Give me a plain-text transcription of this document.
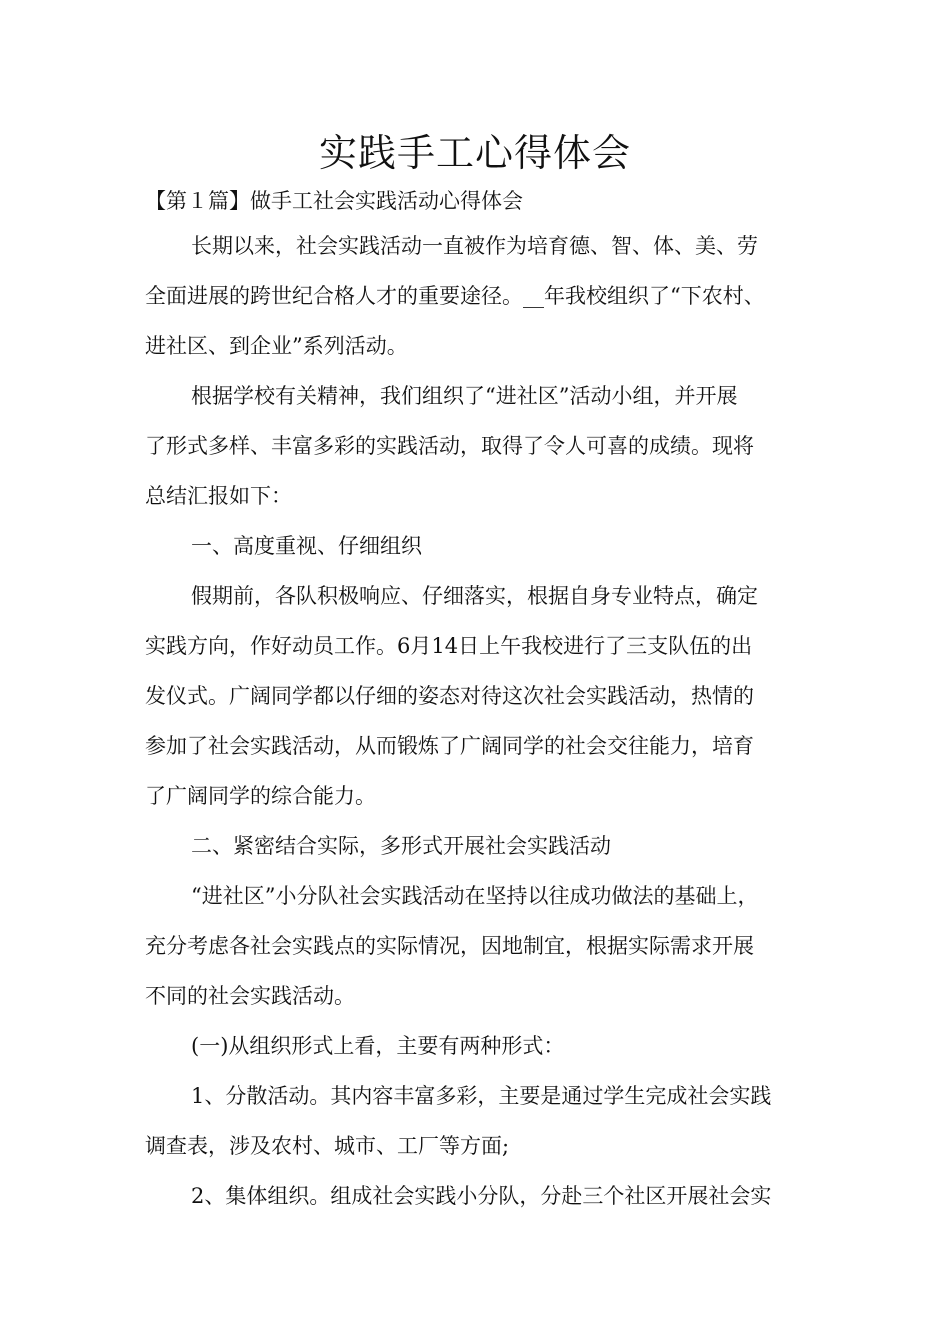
实践手工心得体会

【第１篇】做手工社会实践活动心得体会

长期以来，社会实践活动一直被作为培育德、智、体、美、劳

全面进展的跨世纪合格人才的重要途径。__年我校组织了“下农村、

进社区、到企业”系列活动。

根据学校有关精神，我们组织了“进社区”活动小组，并开展

了形式多样、丰富多彩的实践活动，取得了令人可喜的成绩。现将

总结汇报如下：

一、高度重视、仔细组织

假期前，各队积极响应、仔细落实，根据自身专业特点，确定

实践方向，作好动员工作。6月14日上午我校进行了三支队伍的出

发仪式。广阔同学都以仔细的姿态对待这次社会实践活动，热情的

参加了社会实践活动，从而锻炼了广阔同学的社会交往能力，培育

了广阔同学的综合能力。

二、紧密结合实际，多形式开展社会实践活动

“进社区”小分队社会实践活动在坚持以往成功做法的基础上，

充分考虑各社会实践点的实际情况，因地制宜，根据实际需求开展

不同的社会实践活动。

(一)从组织形式上看，主要有两种形式：

1、分散活动。其内容丰富多彩，主要是通过学生完成社会实践

调查表，涉及农村、城市、工厂等方面;

2、集体组织。组成社会实践小分队，分赴三个社区开展社会实
